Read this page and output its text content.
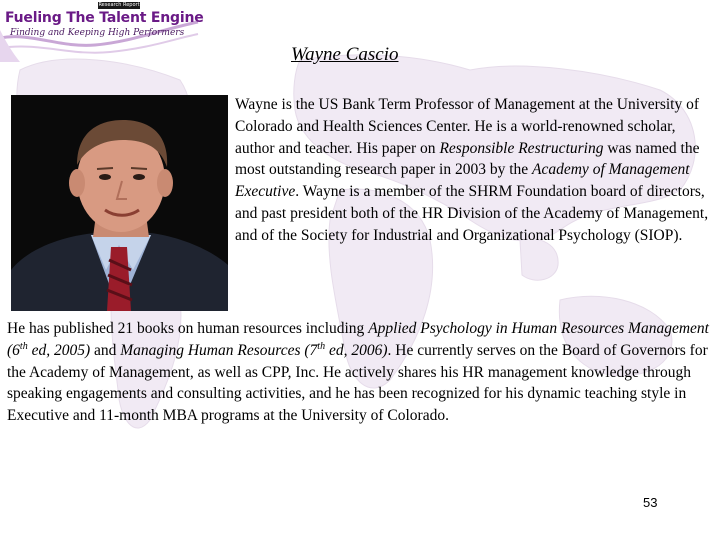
Research Report
Fueling The Talent Engine
Finding and Keeping High Performers
Wayne Cascio
Wayne is the US Bank Term Professor of Management at the University of Colorado and Health Sciences Center. He is a world-renowned scholar, author and teacher. His paper on Responsible Restructuring was named the most outstanding research paper in 2003 by the Academy of Management Executive. Wayne is a member of the SHRM Foundation board of directors, and past president both of the HR Division of the Academy of Management, and of the Society for Industrial and Organizational Psychology (SIOP).
He has published 21 books on human resources including Applied Psychology in Human Resources Management (6th ed, 2005) and Managing Human Resources (7th ed, 2006). He currently serves on the Board of Governors for the Academy of Management, as well as CPP, Inc. He actively shares his HR management knowledge through speaking engagements and consulting activities, and he has been recognized for his dynamic teaching style in Executive and 11-month MBA programs at the University of Colorado.
53
